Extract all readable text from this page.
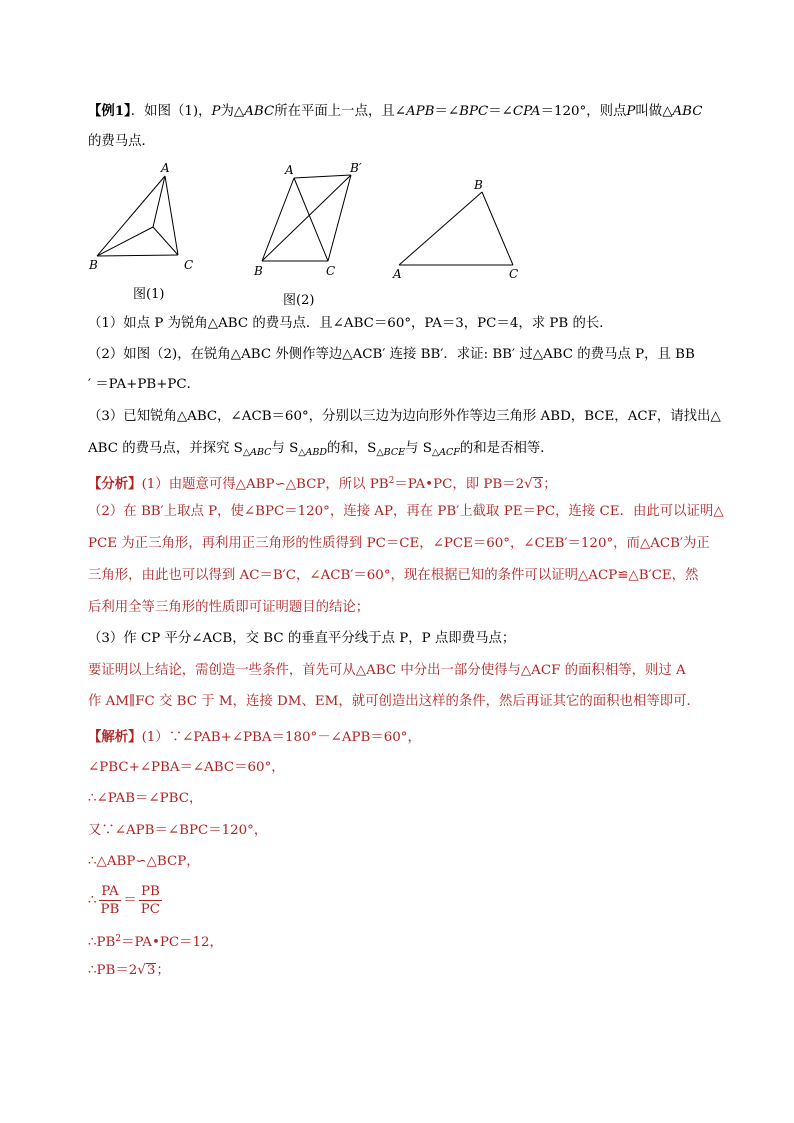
【例1】．如图（1)，P为△ABC所在平面上一点，且∠APB＝∠BPC＝∠CPA＝120°，则点P叫做△ABC
的费马点．
A
B	C
A	B′
B	C
B
A	C
图(1)	图(2)
（1）如点 P 为锐角△ABC 的费马点．且∠ABC＝60°，PA＝3，PC＝4，求 PB 的长．
（2）如图（2)，在锐角△ABC 外侧作等边△ACB′ 连接 BB′．求证: BB′ 过△ABC 的费马点 P，且 BB
′ ＝PA+PB+PC．
（3）已知锐角△ABC，∠ACB＝60°，分别以三边为边向形外作等边三角形 ABD，BCE，ACF，请找出△
ABC 的费马点，并探究 $S_{\triangle ABC}$与 $S_{\triangle ABD}$的和，$S_{\triangle BCE}$与 $S_{\triangle ACF}$的和是否相等．
【分析】(1）由题意可得△ABP∽△BCP，所以 $PB^2=PA•PC$，即 PB＝2√3；
（2）在 BB′上取点 P，使∠BPC＝120°，连接 AP，再在 PB′上截取 PE＝PC，连接 CE．由此可以证明△
PCE 为正三角形，再利用正三角形的性质得到 PC＝CE，∠PCE＝60°，∠CEB′＝120°，而△ACB′为正
三角形，由此也可以得到 AC＝B′C，∠ACB′＝60°，现在根据已知的条件可以证明△ACP≌△B′CE，然
后利用全等三角形的性质即可证明题目的结论；
（3）作 CP 平分∠ACB，交 BC 的垂直平分线于点 P，P 点即费马点；
要证明以上结论，需创造一些条件，首先可从△ABC 中分出一部分使得与△ACF 的面积相等，则过 A
作 AM∥FC 交 BC 于 M，连接 DM、EM，就可创造出这样的条件，然后再证其它的面积也相等即可．
【解析】(1）∵∠PAB+∠PBA＝180°－∠APB＝60°，
∠PBC+∠PBA＝∠ABC＝60°，
∴∠PAB＝∠PBC，
又∵∠APB＝∠BPC＝120°，
∴△ABP∽△BCP，
∴ $\frac{PA}{PB} = \frac{PB}{PC}$
$\therefore PB^2=PA•PC=12$，
∴PB＝2√3；
